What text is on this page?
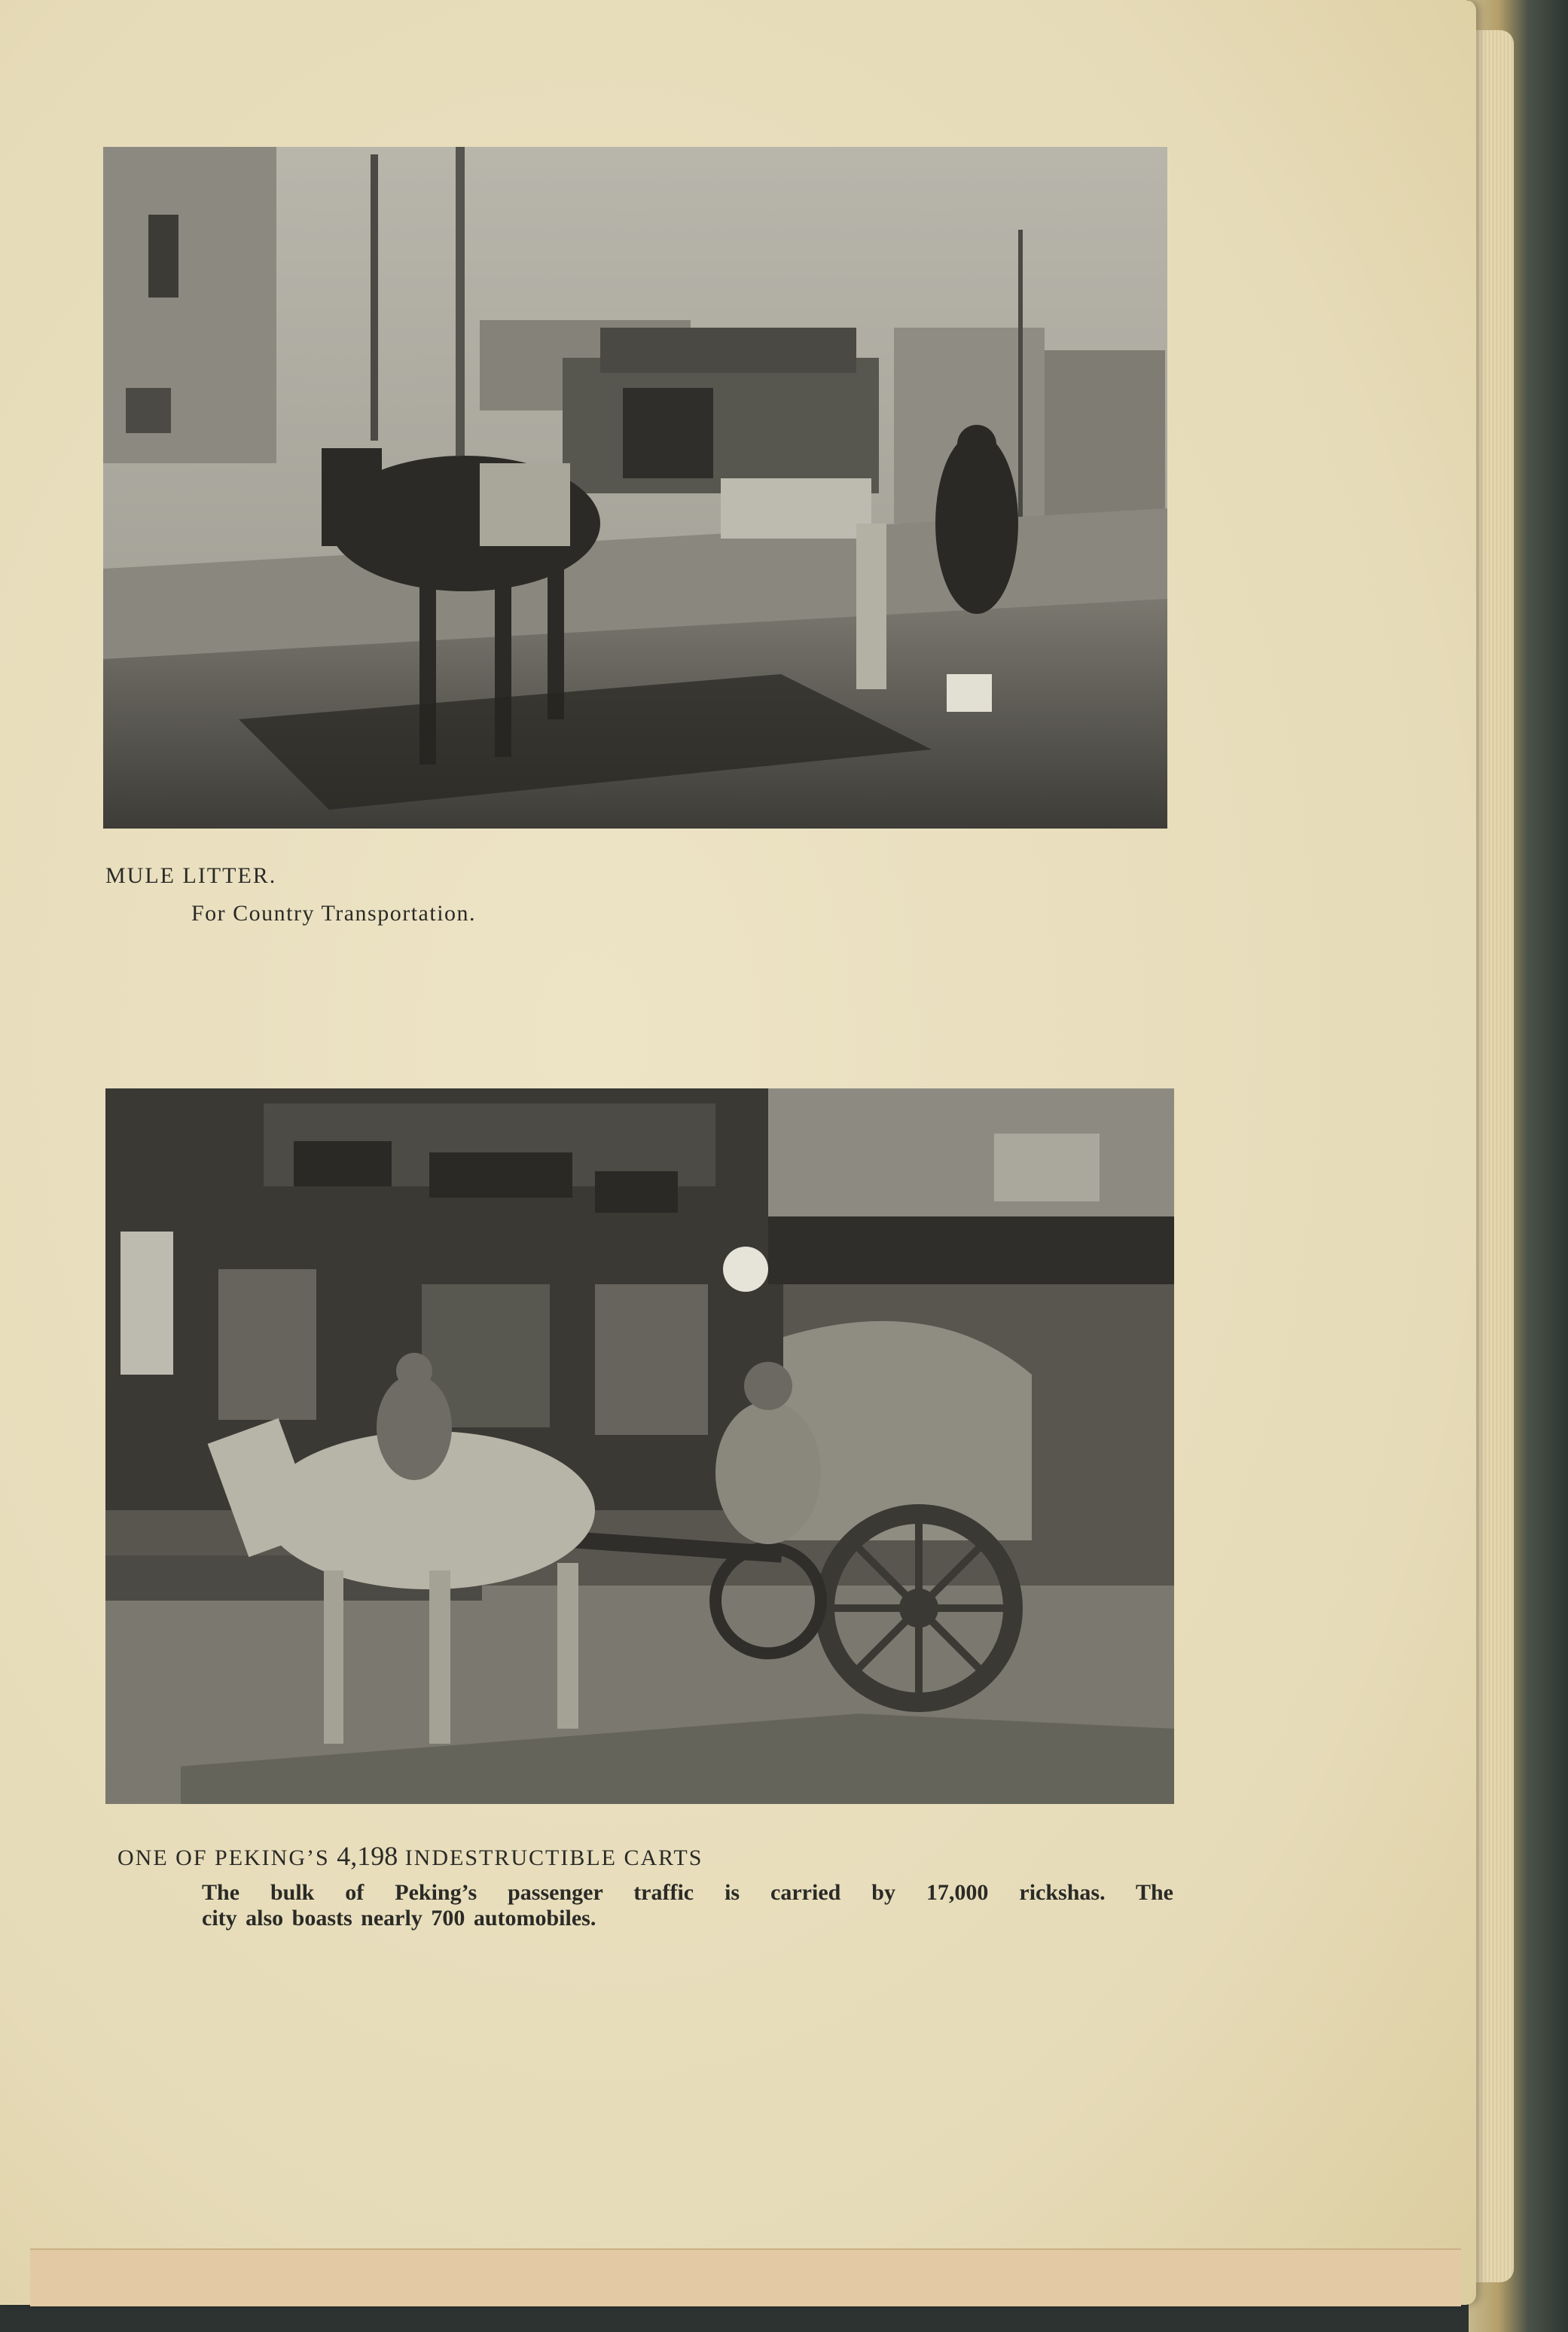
MULE LITTER.
For Country Transportation.
ONE OF PEKING’S 4,198 INDESTRUCTIBLE CARTS
The bulk of Peking’s passenger traffic is carried by 17,000 rickshas. The
city also boasts nearly 700 automobiles.
